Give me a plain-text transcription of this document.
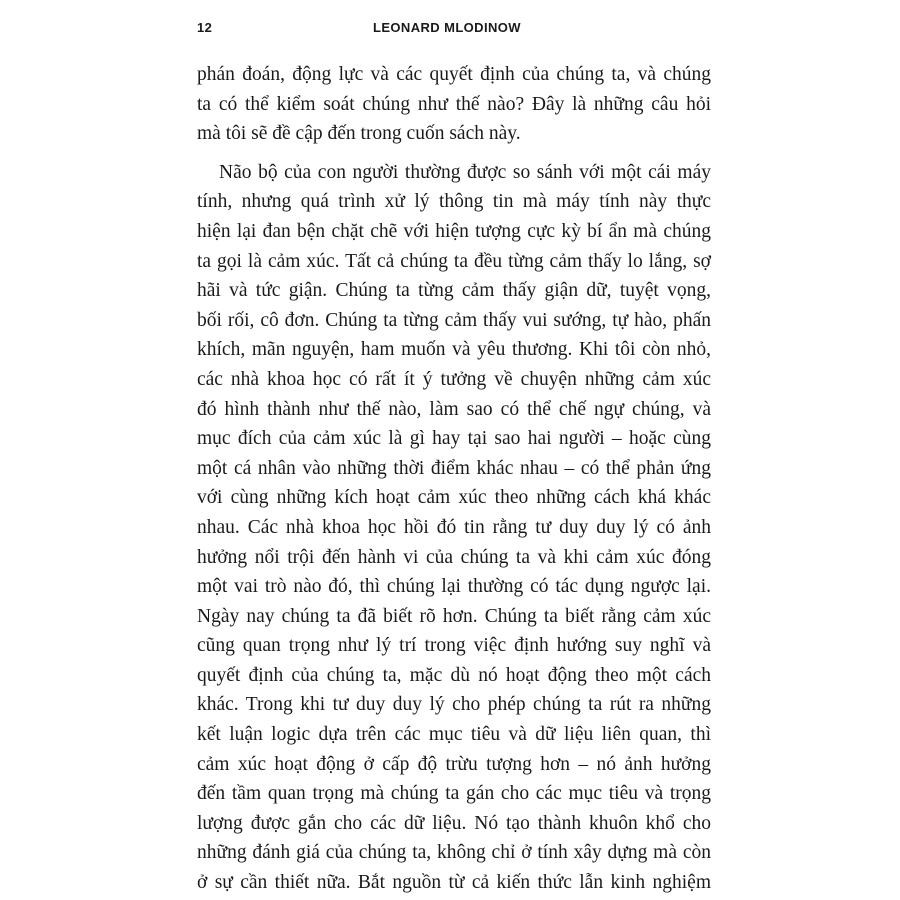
12	LEONARD MLODINOW
phán đoán, động lực và các quyết định của chúng ta, và chúng
ta có thể kiểm soát chúng như thế nào? Đây là những câu hỏi
mà tôi sẽ đề cập đến trong cuốn sách này.
Não bộ của con người thường được so sánh với một cái máy
tính, nhưng quá trình xử lý thông tin mà máy tính này thực
hiện lại đan bện chặt chẽ với hiện tượng cực kỳ bí ẩn mà chúng
ta gọi là cảm xúc. Tất cả chúng ta đều từng cảm thấy lo lắng, sợ
hãi và tức giận. Chúng ta từng cảm thấy giận dữ, tuyệt vọng,
bối rối, cô đơn. Chúng ta từng cảm thấy vui sướng, tự hào, phấn
khích, mãn nguyện, ham muốn và yêu thương. Khi tôi còn nhỏ,
các nhà khoa học có rất ít ý tưởng về chuyện những cảm xúc
đó hình thành như thế nào, làm sao có thể chế ngự chúng, và
mục đích của cảm xúc là gì hay tại sao hai người – hoặc cùng
một cá nhân vào những thời điểm khác nhau – có thể phản ứng
với cùng những kích hoạt cảm xúc theo những cách khá khác
nhau. Các nhà khoa học hồi đó tin rằng tư duy duy lý có ảnh
hưởng nổi trội đến hành vi của chúng ta và khi cảm xúc đóng
một vai trò nào đó, thì chúng lại thường có tác dụng ngược lại.
Ngày nay chúng ta đã biết rõ hơn. Chúng ta biết rằng cảm xúc
cũng quan trọng như lý trí trong việc định hướng suy nghĩ và
quyết định của chúng ta, mặc dù nó hoạt động theo một cách
khác. Trong khi tư duy duy lý cho phép chúng ta rút ra những
kết luận logic dựa trên các mục tiêu và dữ liệu liên quan, thì
cảm xúc hoạt động ở cấp độ trừu tượng hơn – nó ảnh hưởng
đến tầm quan trọng mà chúng ta gán cho các mục tiêu và trọng
lượng được gắn cho các dữ liệu. Nó tạo thành khuôn khổ cho
những đánh giá của chúng ta, không chỉ ở tính xây dựng mà còn
ở sự cần thiết nữa. Bắt nguồn từ cả kiến thức lẫn kinh nghiệm
